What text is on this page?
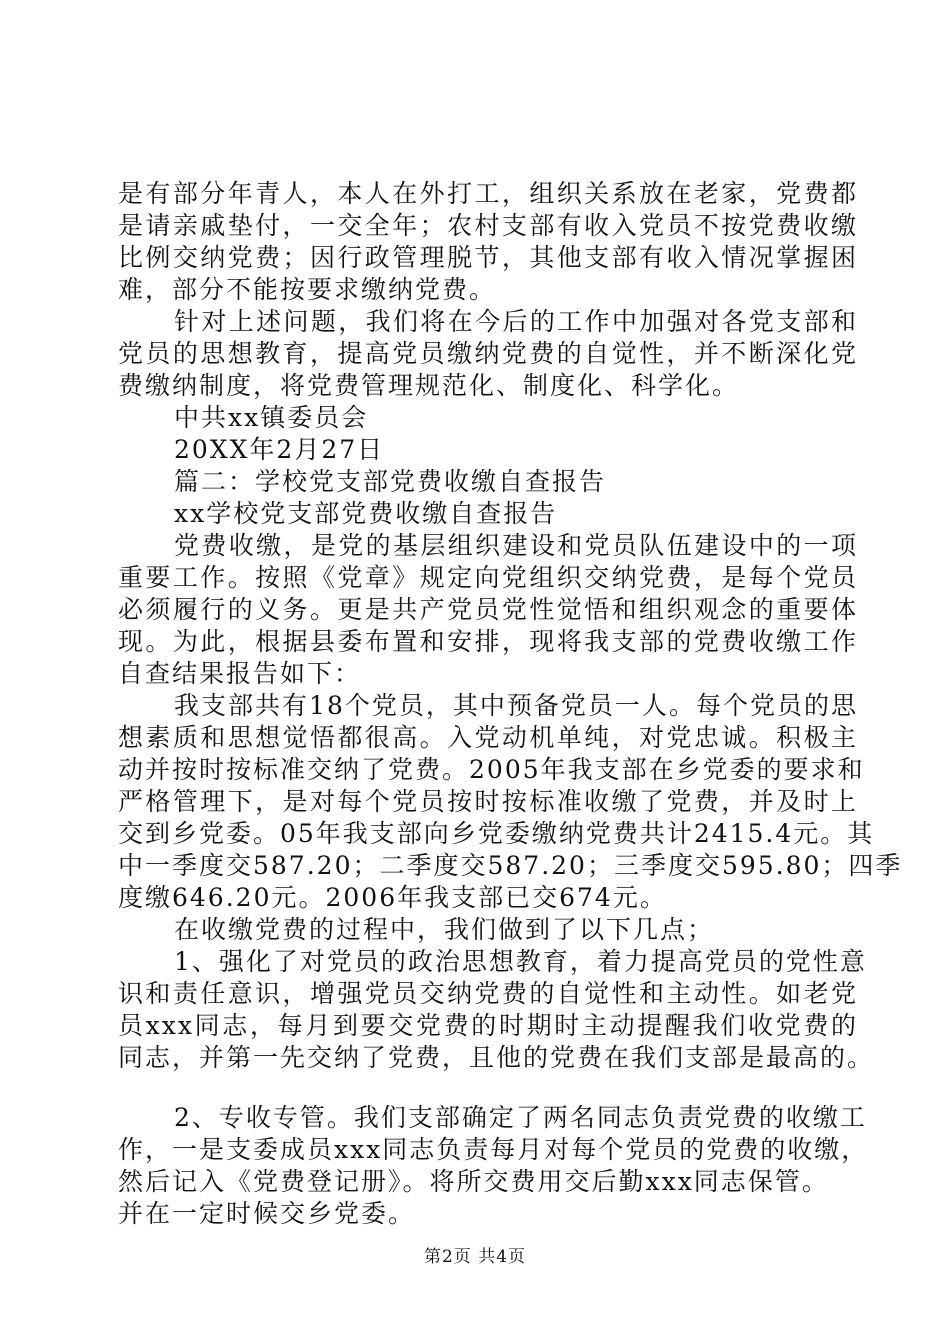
是有部分年青人，本人在外打工，组织关系放在老家，党费都
是请亲戚垫付，一交全年；农村支部有收入党员不按党费收缴
比例交纳党费；因行政管理脱节，其他支部有收入情况掌握困
难，部分不能按要求缴纳党费。
针对上述问题，我们将在今后的工作中加强对各党支部和
党员的思想教育，提高党员缴纳党费的自觉性，并不断深化党
费缴纳制度，将党费管理规范化、制度化、科学化。
中共xx镇委员会
20XX年2月27日
篇二：学校党支部党费收缴自查报告
xx学校党支部党费收缴自查报告
党费收缴，是党的基层组织建设和党员队伍建设中的一项
重要工作。按照《党章》规定向党组织交纳党费，是每个党员
必须履行的义务。更是共产党员党性觉悟和组织观念的重要体
现。为此，根据县委布置和安排，现将我支部的党费收缴工作
自查结果报告如下：
我支部共有18个党员，其中预备党员一人。每个党员的思
想素质和思想觉悟都很高。入党动机单纯，对党忠诚。积极主
动并按时按标准交纳了党费。2005年我支部在乡党委的要求和
严格管理下，是对每个党员按时按标准收缴了党费，并及时上
交到乡党委。05年我支部向乡党委缴纳党费共计2415.4元。其
中一季度交587.20；二季度交587.20；三季度交595.80；四季
度缴646.20元。2006年我支部已交674元。
在收缴党费的过程中，我们做到了以下几点；
1、强化了对党员的政治思想教育，着力提高党员的党性意
识和责任意识，增强党员交纳党费的自觉性和主动性。如老党
员xxx同志，每月到要交党费的时期时主动提醒我们收党费的
同志，并第一先交纳了党费，且他的党费在我们支部是最高的。
2、专收专管。我们支部确定了两名同志负责党费的收缴工
作，一是支委成员xxx同志负责每月对每个党员的党费的收缴，
然后记入《党费登记册》。将所交费用交后勤xxx同志保管。
并在一定时候交乡党委。
第2页 共4页
